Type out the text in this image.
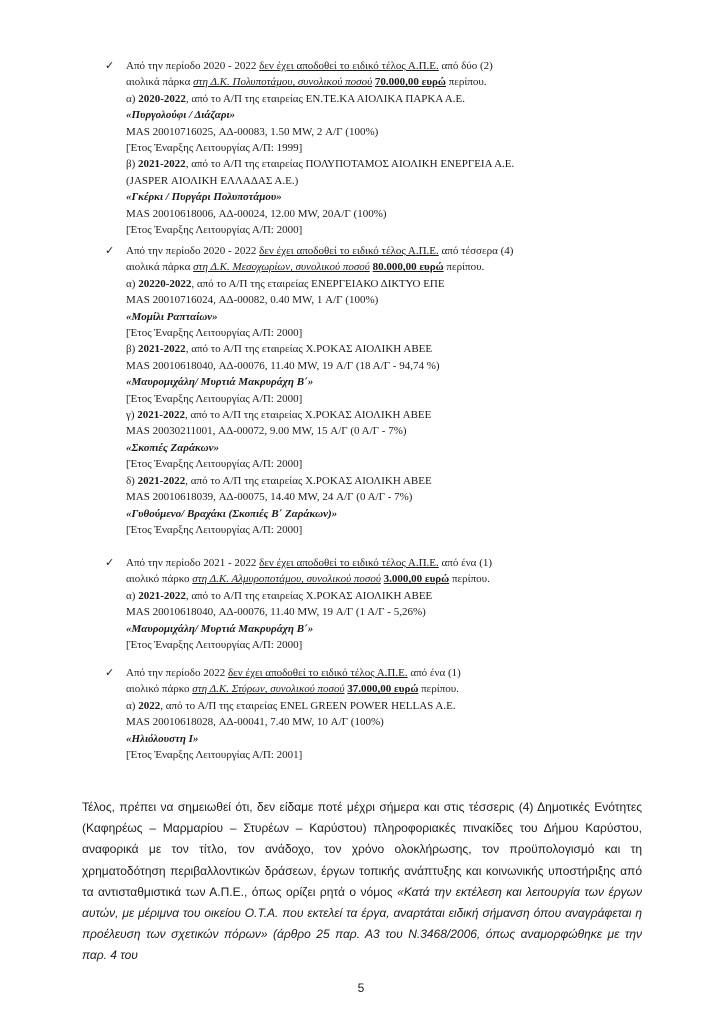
✓	Από την περίοδο 2020 - 2022 δεν έχει αποδοθεί το ειδικό τέλος Α.Π.Ε. από δύο (2)

αιολικά πάρκα στη Δ.Κ. Πολυποτάμου, συνολικού ποσού 70.000,00 ευρώ περίπου.

α) 2020-2022, από το Α/Π της εταιρείας ΕΝ.ΤΕ.ΚΑ ΑΙΟΛΙΚΑ ΠΑΡΚΑ Α.Ε.

«Πυργολούφι / Διάζαρι»

MAS 20010716025, ΑΔ-00083, 1.50 MW, 2 Α/Γ (100%)

[Έτος Έναρξης Λειτουργίας Α/Π: 1999]

β) 2021-2022, από το Α/Π της εταιρείας ΠΟΛΥΠΟΤΑΜΟΣ ΑΙΟΛΙΚΗ ΕΝΕΡΓΕΙΑ Α.Ε.

(JASPER ΑΙΟΛΙΚΗ ΕΛΛΑΔΑΣ Α.Ε.)

«Γκέρκι / Πυργάρι Πολυποτάμου»

MAS 20010618006, ΑΔ-00024, 12.00 MW, 20Α/Γ (100%)

[Έτος Έναρξης Λειτουργίας Α/Π: 2000]

✓	Από την περίοδο 2020 - 2022 δεν έχει αποδοθεί το ειδικό τέλος Α.Π.Ε. από τέσσερα (4)

αιολικά πάρκα στη Δ.Κ. Μεσοχωρίων, συνολικού ποσού 80.000,00 ευρώ περίπου.

α) 20220-2022, από το Α/Π της εταιρείας ΕΝΕΡΓΕΙΑΚΟ ΔΙΚΤΥΟ ΕΠΕ

MAS 20010716024, ΑΔ-00082, 0.40 MW, 1 Α/Γ (100%)

«Μομίλι Ραπταίων»

[Έτος Έναρξης Λειτουργίας Α/Π: 2000]

β) 2021-2022, από το Α/Π της εταιρείας Χ.ΡΟΚΑΣ ΑΙΟΛΙΚΗ ΑΒΕΕ

MAS 20010618040, ΑΔ-00076, 11.40 MW, 19 Α/Γ (18 Α/Γ - 94,74 %)

«Μαυρομιχάλη/ Μυρτιά Μακρυράχη Β΄»

[Έτος Έναρξης Λειτουργίας Α/Π: 2000]

γ) 2021-2022, από το Α/Π της εταιρείας Χ.ΡΟΚΑΣ ΑΙΟΛΙΚΗ ΑΒΕΕ

MAS 20030211001, ΑΔ-00072, 9.00 MW, 15 Α/Γ (0 Α/Γ - 7%)

«Σκοπιές Ζαράκων»

[Έτος Έναρξης Λειτουργίας Α/Π: 2000]

δ) 2021-2022, από το Α/Π της εταιρείας Χ.ΡΟΚΑΣ ΑΙΟΛΙΚΗ ΑΒΕΕ

MAS 20010618039, ΑΔ-00075, 14.40 MW, 24 Α/Γ (0 Α/Γ - 7%)

«Γυθούμενο/ Βραχάκι (Σκοπιές Β΄ Ζαράκων)»

[Έτος Έναρξης Λειτουργίας Α/Π: 2000]

✓	Από την περίοδο 2021 - 2022 δεν έχει αποδοθεί το ειδικό τέλος Α.Π.Ε. από ένα (1)

αιολικό πάρκο στη Δ.Κ. Αλμυροποτάμου, συνολικού ποσού 3.000,00 ευρώ περίπου.

α) 2021-2022, από το Α/Π της εταιρείας Χ.ΡΟΚΑΣ ΑΙΟΛΙΚΗ ΑΒΕΕ

MAS 20010618040, ΑΔ-00076, 11.40 MW, 19 Α/Γ (1 Α/Γ - 5,26%)

«Μαυρομιχάλη/ Μυρτιά Μακρυράχη Β΄»

[Έτος Έναρξης Λειτουργίας Α/Π: 2000]

✓	Από την περίοδο 2022 δεν έχει αποδοθεί το ειδικό τέλος Α.Π.Ε. από ένα (1)

αιολικό πάρκο στη Δ.Κ. Στύρων, συνολικού ποσού 37.000,00 ευρώ περίπου.

α) 2022, από το Α/Π της εταιρείας ENEL GREEN POWER HELLAS A.E.

MAS 20010618028, ΑΔ-00041, 7.40 MW, 10 Α/Γ (100%)

«Ηλιόλουστη Ι»

[Έτος Έναρξης Λειτουργίας Α/Π: 2001]

Τέλος, πρέπει να σημειωθεί ότι, δεν είδαμε ποτέ μέχρι σήμερα και στις τέσσερις (4) Δημοτικές Ενότητες (Καφηρέως – Μαρμαρίου – Στυρέων – Καρύστου) πληροφοριακές πινακίδες του Δήμου Καρύστου, αναφορικά με τον τίτλο, τον ανάδοχο, τον χρόνο ολοκλήρωσης, τον προϋπολογισμό και τη χρηματοδότηση περιβαλλοντικών δράσεων, έργων τοπικής ανάπτυξης και κοινωνικής υποστήριξης από τα αντισταθμιστικά των Α.Π.Ε., όπως ορίζει ρητά ο νόμος «Κατά την εκτέλεση και λειτουργία των έργων αυτών, με μέριμνα του οικείου Ο.Τ.Α. που εκτελεί τα έργα, αναρτάται ειδική σήμανση όπου αναγράφεται η προέλευση των σχετικών πόρων» (άρθρο 25 παρ. Α3 του Ν.3468/2006, όπως αναμορφώθηκε με την παρ. 4 του

5
